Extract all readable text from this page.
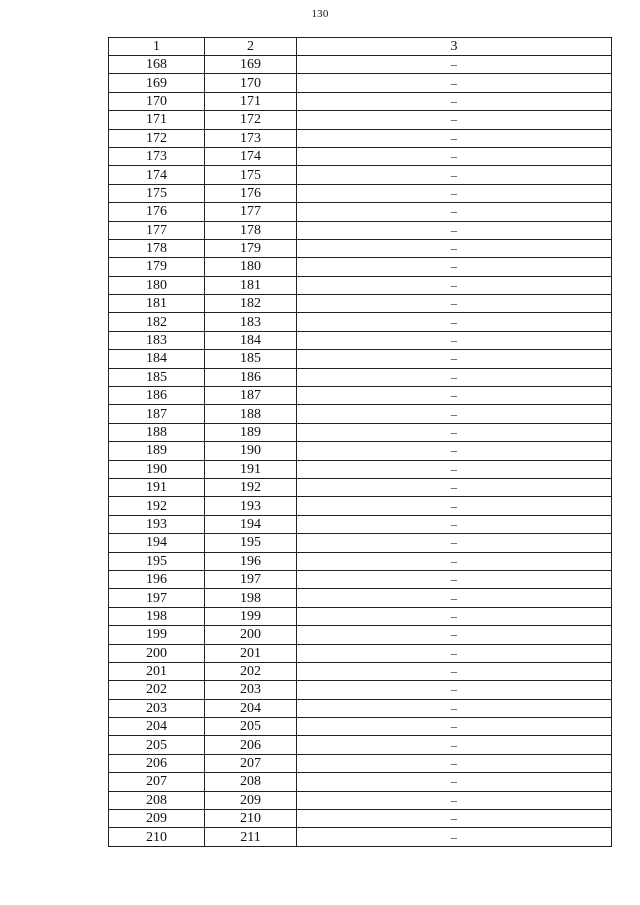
130
1	2	3
168	169	–
169	170	–
170	171	–
171	172	–
172	173	–
173	174	–
174	175	–
175	176	–
176	177	–
177	178	–
178	179	–
179	180	–
180	181	–
181	182	–
182	183	–
183	184	–
184	185	–
185	186	–
186	187	–
187	188	–
188	189	–
189	190	–
190	191	–
191	192	–
192	193	–
193	194	–
194	195	–
195	196	–
196	197	–
197	198	–
198	199	–
199	200	–
200	201	–
201	202	–
202	203	–
203	204	–
204	205	–
205	206	–
206	207	–
207	208	–
208	209	–
209	210	–
210	211	–
